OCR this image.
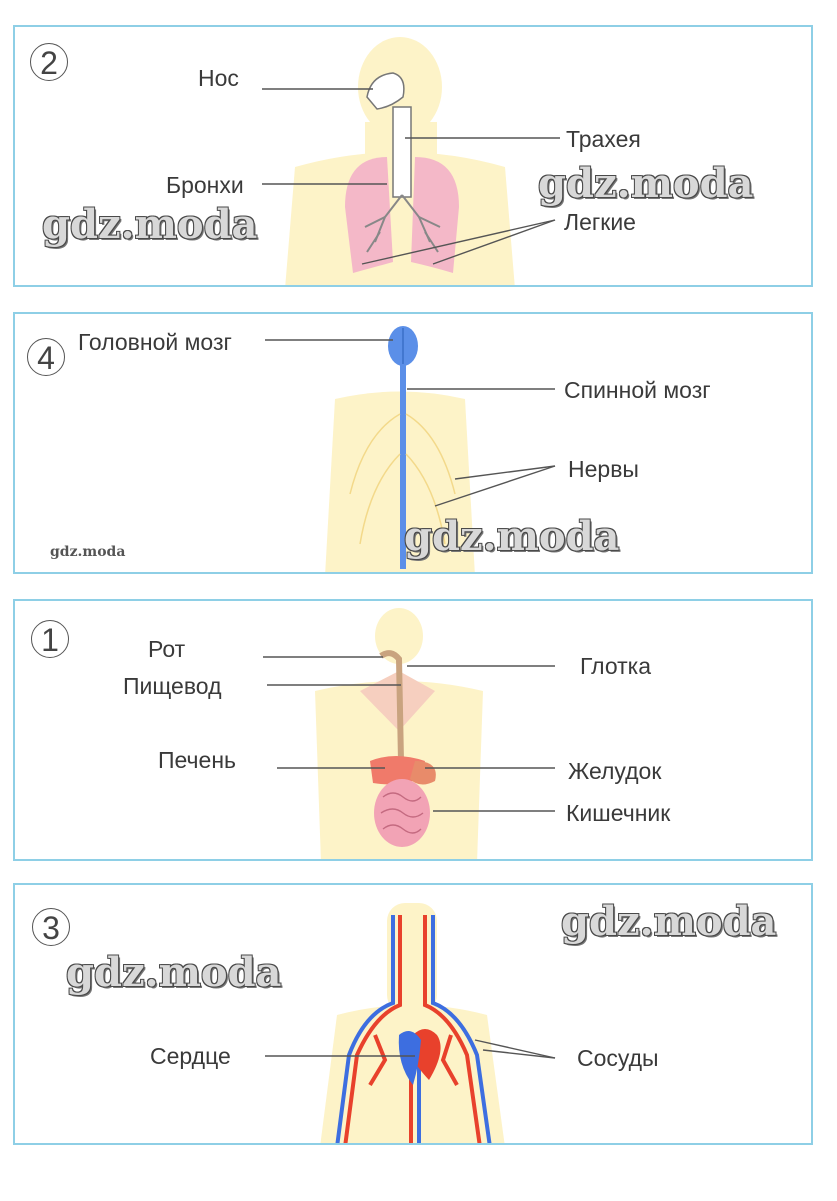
2	Нос
Трахея
Бронхи
Легкие
gdz.moda
gdz.moda
4	Головной мозг
Спинной мозг
Нервы
gdz.moda
gdz.moda
1	Рот
Глотка
Пищевод
Печень	Желудок
Кишечник
3
Сердце	Сосуды
gdz.moda
gdz.moda
